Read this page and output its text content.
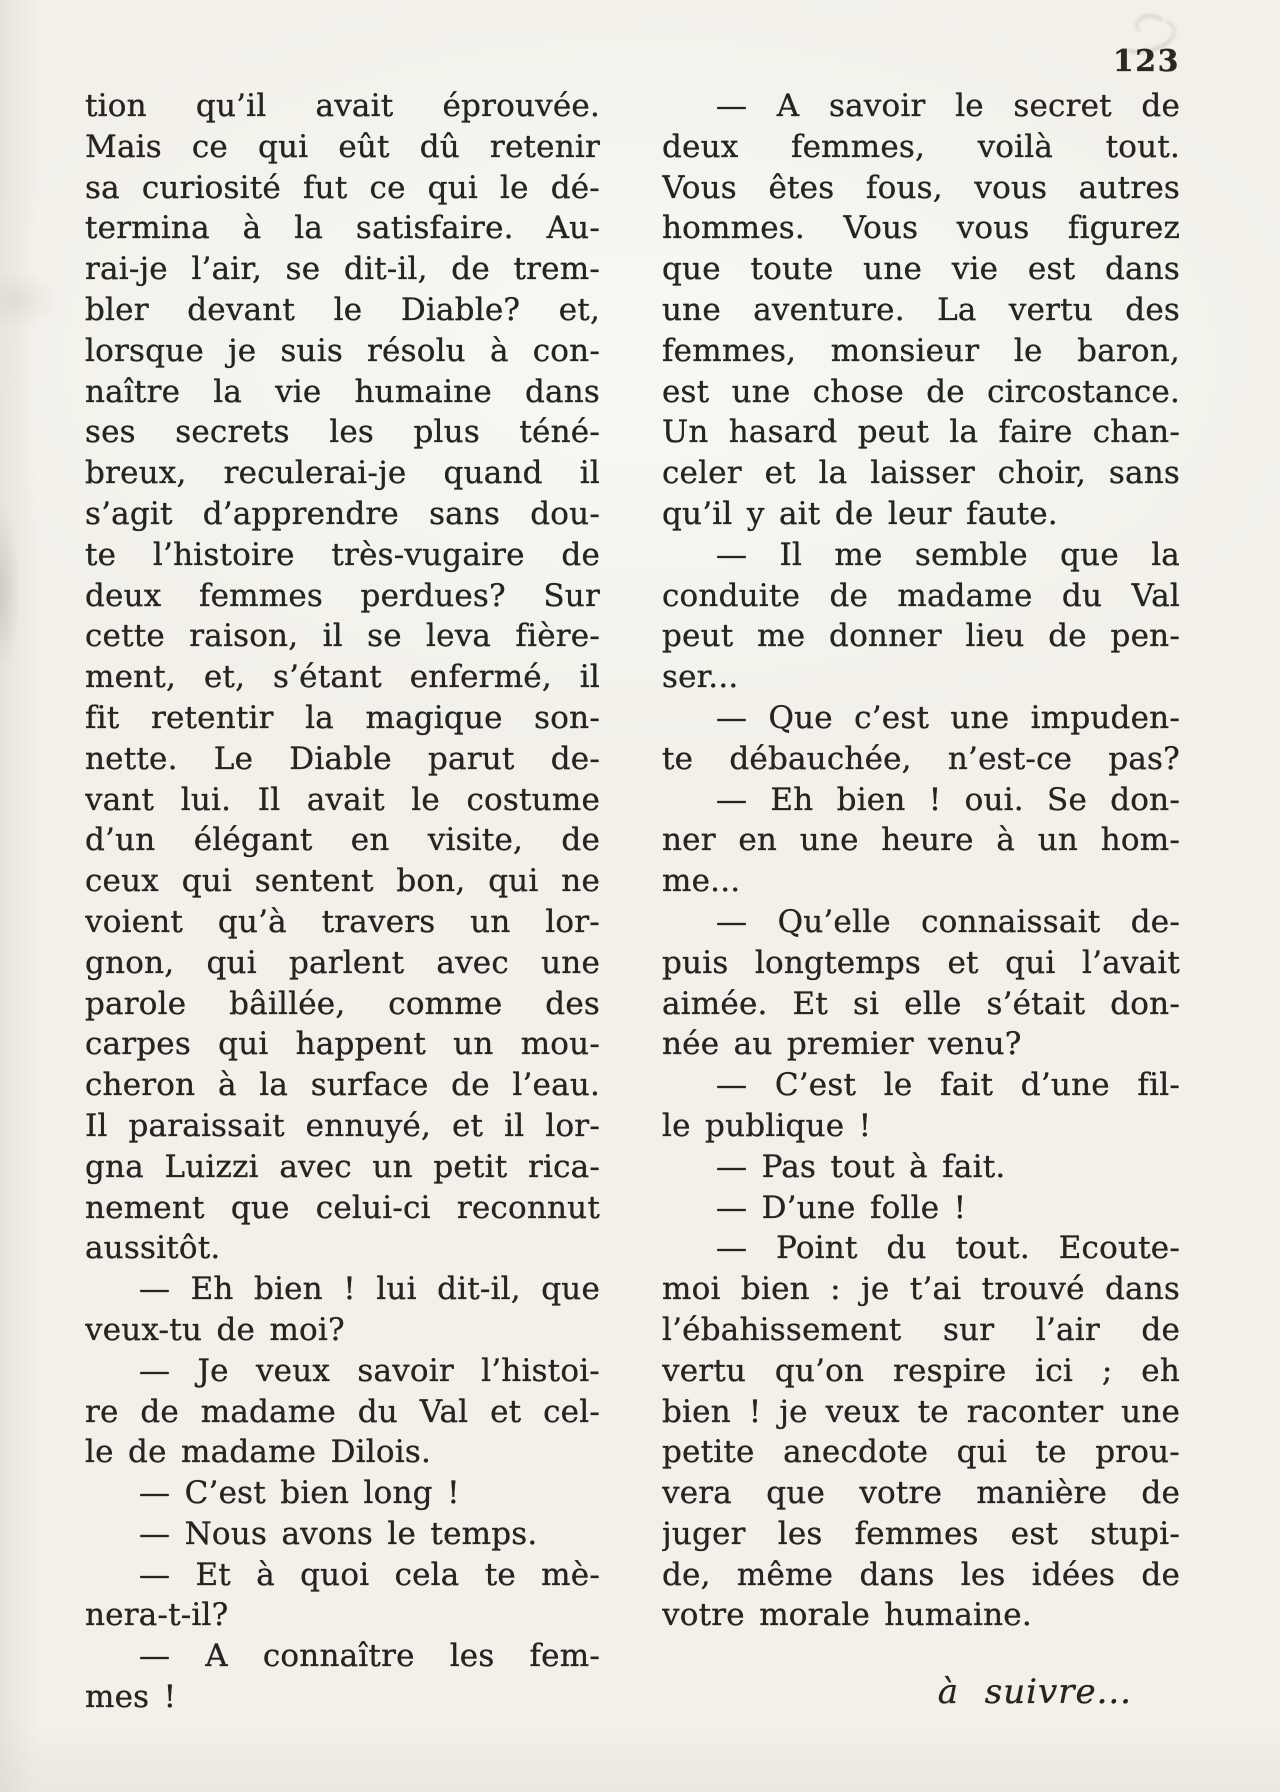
123
tion qu’il avait éprouvée.
Mais ce qui eût dû retenir
sa curiosité fut ce qui le dé-
termina à la satisfaire. Au-
rai-je l’air, se dit-il, de trem-
bler devant le Diable? et,
lorsque je suis résolu à con-
naître la vie humaine dans
ses secrets les plus téné-
breux, reculerai-je quand il
s’agit d’apprendre sans dou-
te l’histoire très-vugaire de
deux femmes perdues? Sur
cette raison, il se leva fière-
ment, et, s’étant enfermé, il
fit retentir la magique son-
nette. Le Diable parut de-
vant lui. Il avait le costume
d’un élégant en visite, de
ceux qui sentent bon, qui ne
voient qu’à travers un lor-
gnon, qui parlent avec une
parole bâillée, comme des
carpes qui happent un mou-
cheron à la surface de l’eau.
Il paraissait ennuyé, et il lor-
gna Luizzi avec un petit rica-
nement que celui-ci reconnut
aussitôt.
— Eh bien ! lui dit-il, que
veux-tu de moi?
— Je veux savoir l’histoi-
re de madame du Val et cel-
le de madame Dilois.
— C’est bien long !
— Nous avons le temps.
— Et à quoi cela te mè-
nera-t-il?
— A connaître les fem-
mes !
— A savoir le secret de
deux femmes, voilà tout.
Vous êtes fous, vous autres
hommes. Vous vous figurez
que toute une vie est dans
une aventure. La vertu des
femmes, monsieur le baron,
est une chose de circostance.
Un hasard peut la faire chan-
celer et la laisser choir, sans
qu’il y ait de leur faute.
— Il me semble que la
conduite de madame du Val
peut me donner lieu de pen-
ser...
— Que c’est une impuden-
te débauchée, n’est-ce pas?
— Eh bien ! oui. Se don-
ner en une heure à un hom-
me...
— Qu’elle connaissait de-
puis longtemps et qui l’avait
aimée. Et si elle s’était don-
née au premier venu?
— C’est le fait d’une fil-
le publique !
— Pas tout à fait.
— D’une folle !
— Point du tout. Ecoute-
moi bien : je t’ai trouvé dans
l’ébahissement sur l’air de
vertu qu’on respire ici ; eh
bien ! je veux te raconter une
petite anecdote qui te prou-
vera que votre manière de
juger les femmes est stupi-
de, même dans les idées de
votre morale humaine.
à suivre...
